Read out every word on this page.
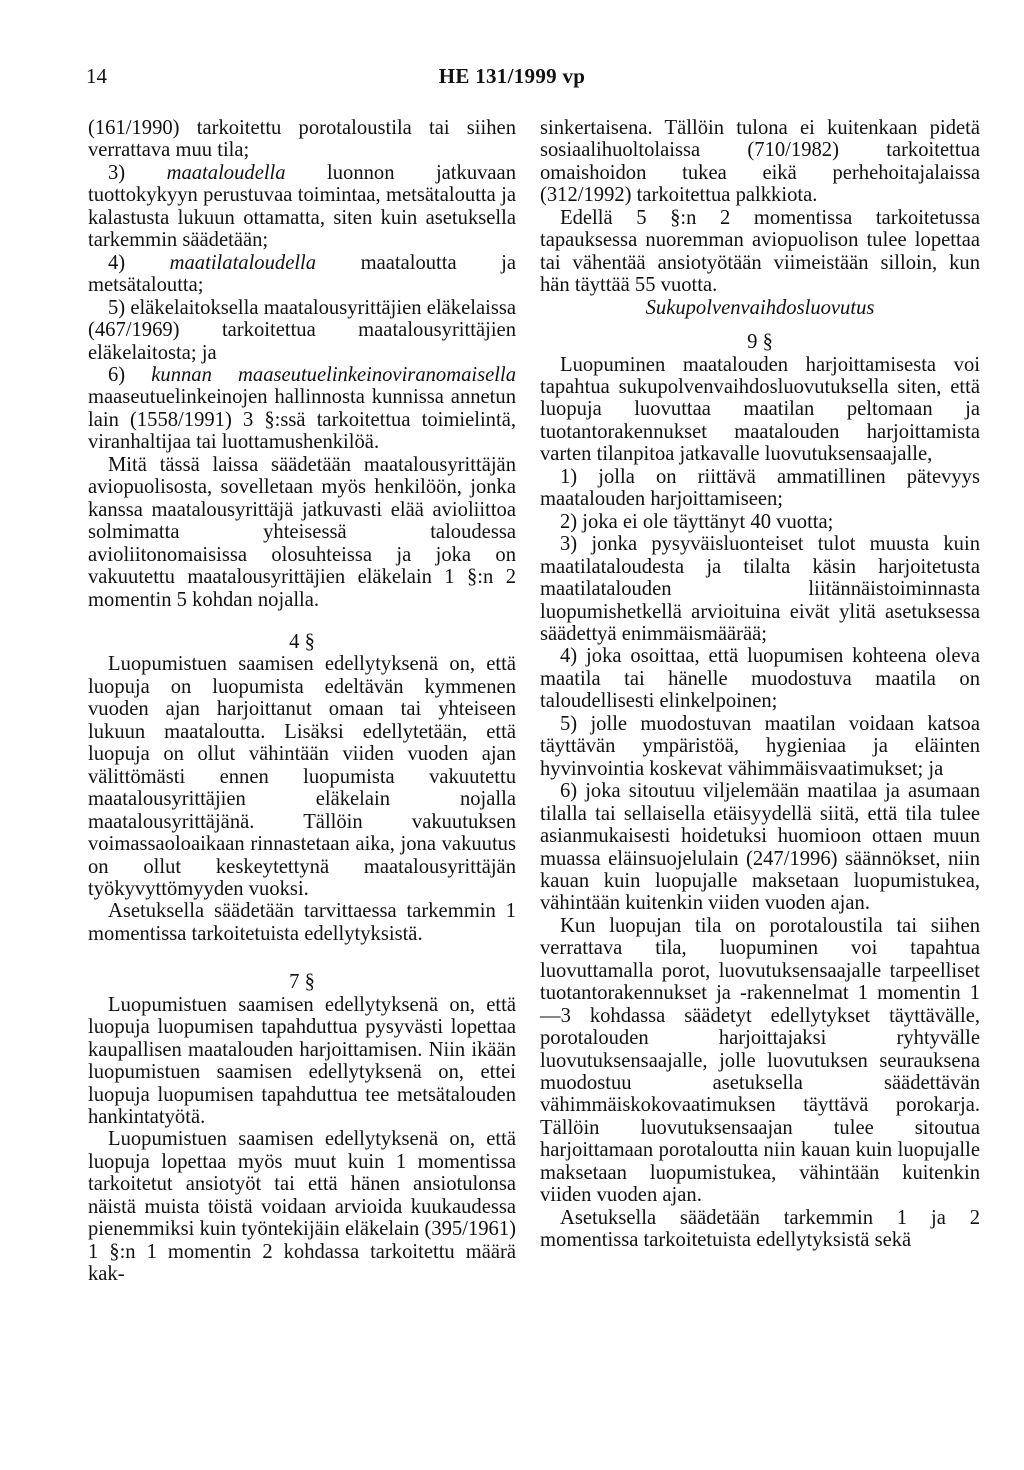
14	HE 131/1999 vp

(161/1990) tarkoitettu porotaloustila tai siihen verrattava muu tila;

3) maataloudella luonnon jatkuvaan tuottokykyyn perustuvaa toimintaa, metsätaloutta ja kalastusta lukuun ottamatta, siten kuin asetuksella tarkemmin säädetään;

4) maatilataloudella maataloutta ja metsätaloutta;

5) eläkelaitoksella maatalousyrittäjien eläkelaissa (467/1969) tarkoitettua maatalousyrittäjien eläkelaitosta; ja

6) kunnan maaseutuelinkeinoviranomaisella maaseutuelinkeinojen hallinnosta kunnissa annetun lain (1558/1991) 3 §:ssä tarkoitettua toimielintä, viranhaltijaa tai luottamushenkilöä.

Mitä tässä laissa säädetään maatalousyrittäjän aviopuolisosta, sovelletaan myös henkilöön, jonka kanssa maatalousyrittäjä jatkuvasti elää avioliittoa solmimatta yhteisessä taloudessa avioliitonomaisissa olosuhteissa ja joka on vakuutettu maatalousyrittäjien eläkelain 1 §:n 2 momentin 5 kohdan nojalla.

4 §

Luopumistuen saamisen edellytyksenä on, että luopuja on luopumista edeltävän kymmenen vuoden ajan harjoittanut omaan tai yhteiseen lukuun maataloutta. Lisäksi edellytetään, että luopuja on ollut vähintään viiden vuoden ajan välittömästi ennen luopumista vakuutettu maatalousyrittäjien eläkelain nojalla maatalousyrittäjänä. Tällöin vakuutuksen voimassaoloaikaan rinnastetaan aika, jona vakuutus on ollut keskeytettynä maatalousyrittäjän työkyvyttömyyden vuoksi.

Asetuksella säädetään tarvittaessa tarkemmin 1 momentissa tarkoitetuista edellytyksistä.

7 §

Luopumistuen saamisen edellytyksenä on, että luopuja luopumisen tapahduttua pysyvästi lopettaa kaupallisen maatalouden harjoittamisen. Niin ikään luopumistuen saamisen edellytyksenä on, ettei luopuja luopumisen tapahduttua tee metsätalouden hankintatyötä.

Luopumistuen saamisen edellytyksenä on, että luopuja lopettaa myös muut kuin 1 momentissa tarkoitetut ansiotyöt tai että hänen ansiotulonsa näistä muista töistä voidaan arvioida kuukaudessa pienemmiksi kuin työntekijäin eläkelain (395/1961) 1 §:n 1 momentin 2 kohdassa tarkoitettu määrä kak-

sinkertaisena. Tällöin tulona ei kuitenkaan pidetä sosiaalihuoltolaissa (710/1982) tarkoitettua omaishoidon tukea eikä perhehoitajalaissa (312/1992) tarkoitettua palkkiota.

Edellä 5 §:n 2 momentissa tarkoitetussa tapauksessa nuoremman aviopuolison tulee lopettaa tai vähentää ansiotyötään viimeistään silloin, kun hän täyttää 55 vuotta.

Sukupolvenvaihdosluovutus

9 §

Luopuminen maatalouden harjoittamisesta voi tapahtua sukupolvenvaihdosluovutuksella siten, että luopuja luovuttaa maatilan peltomaan ja tuotantorakennukset maatalouden harjoittamista varten tilanpitoa jatkavalle luovutuksensaajalle,

1) jolla on riittävä ammatillinen pätevyys maatalouden harjoittamiseen;

2) joka ei ole täyttänyt 40 vuotta;

3) jonka pysyväisluonteiset tulot muusta kuin maatilataloudesta ja tilalta käsin harjoitetusta maatilatalouden liitännäistoiminnasta luopumishetkellä arvioituina eivät ylitä asetuksessa säädettyä enimmäismäärää;

4) joka osoittaa, että luopumisen kohteena oleva maatila tai hänelle muodostuva maatila on taloudellisesti elinkelpoinen;

5) jolle muodostuvan maatilan voidaan katsoa täyttävän ympäristöä, hygieniaa ja eläinten hyvinvointia koskevat vähimmäisvaatimukset; ja

6) joka sitoutuu viljelemään maatilaa ja asumaan tilalla tai sellaisella etäisyydellä siitä, että tila tulee asianmukaisesti hoidetuksi huomioon ottaen muun muassa eläinsuojelulain (247/1996) säännökset, niin kauan kuin luopujalle maksetaan luopumistukea, vähintään kuitenkin viiden vuoden ajan.

Kun luopujan tila on porotaloustila tai siihen verrattava tila, luopuminen voi tapahtua luovuttamalla porot, luovutuksensaajalle tarpeelliset tuotantorakennukset ja -rakennelmat 1 momentin 1—3 kohdassa säädetyt edellytykset täyttävälle, porotalouden harjoittajaksi ryhtyvälle luovutuksensaajalle, jolle luovutuksen seurauksena muodostuu asetuksella säädettävän vähimmäiskokovaatimuksen täyttävä porokarja. Tällöin luovutuksensaajan tulee sitoutua harjoittamaan porotaloutta niin kauan kuin luopujalle maksetaan luopumistukea, vähintään kuitenkin viiden vuoden ajan.

Asetuksella säädetään tarkemmin 1 ja 2 momentissa tarkoitetuista edellytyksistä sekä
